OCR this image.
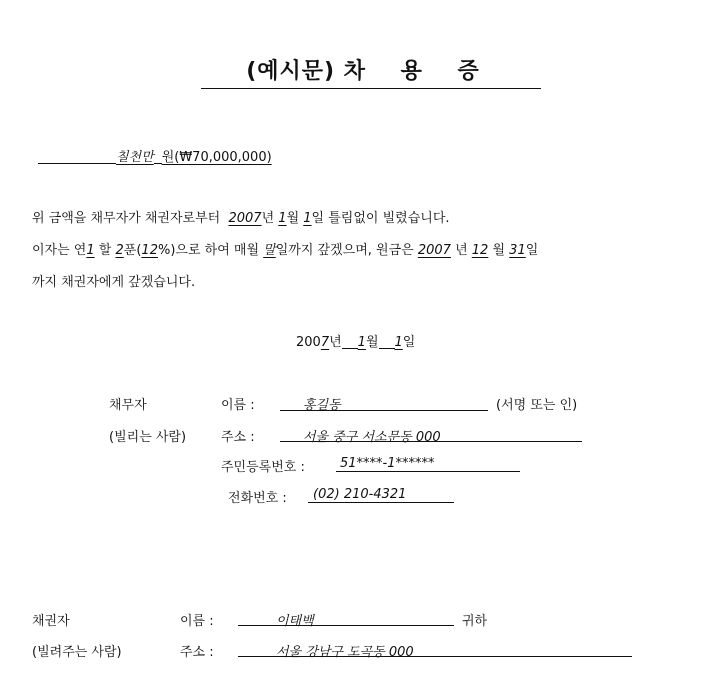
(예시문) 차    용    증
칠천만 원(₩70,000,000)
위 금액을 채무자가 채권자로부터 2007년 1월 1일 틀림없이 빌렸습니다.
이자는 연1 할 2푼(12%)으로 하여 매월 말일까지 갚겠으며, 원금은 2007 년 12 월 31일
까지 채권자에게 갚겠습니다.
2007년 1월 1일
채무자	이름 :	홍길동	(서명 또는 인)
(빌리는 사람)	주소 :	서울 중구 서소문동 000
주민등록번호 :	51****-1******
전화번호 : (02) 210-4321
채권자	이름 :	이태백	귀하
(빌려주는 사람)	주소 :	서울 강남구 도곡동 000
